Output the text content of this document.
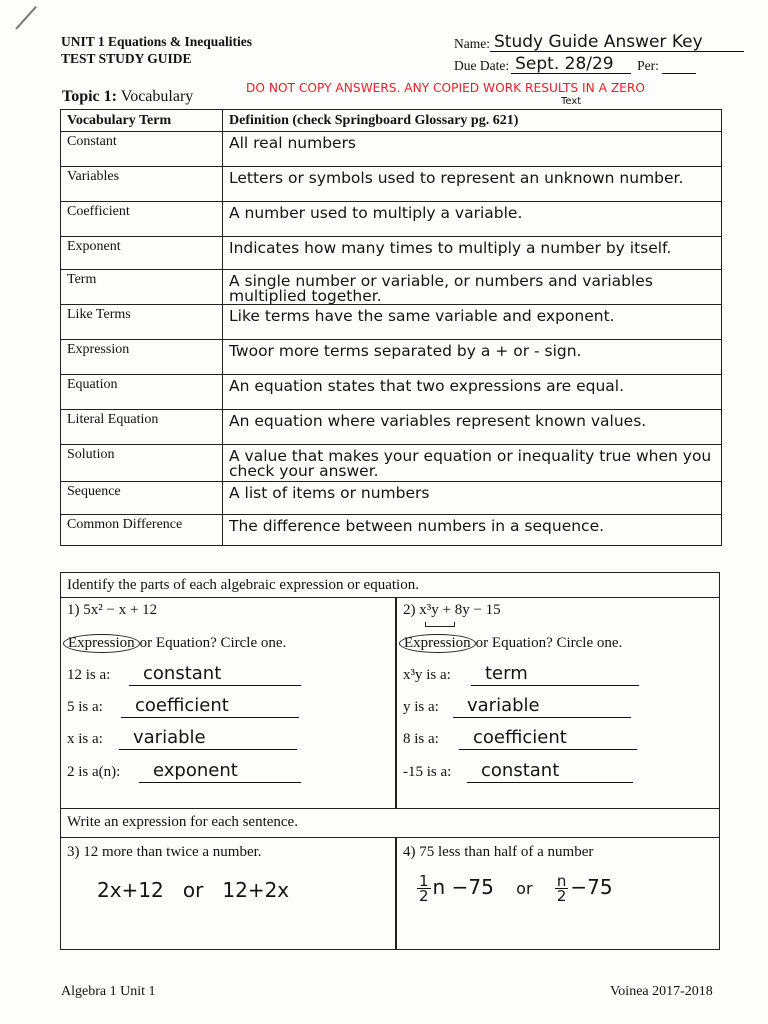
UNIT 1 Equations & Inequalities
TEST STUDY GUIDE
Name: Study Guide Answer Key
Due Date: Sept. 28/29	Per:
DO NOT COPY ANSWERS. ANY COPIED WORK RESULTS IN A ZERO
Text
Topic 1: Vocabulary
Vocabulary Term	Definition (check Springboard Glossary pg. 621)
Constant	All real numbers
Variables	Letters or symbols used to represent an unknown number.
Coefficient	A number used to multiply a variable.
Exponent	Indicates how many times to multiply a number by itself.
Term	A single number or variable, or numbers and variables multiplied together.
Like Terms	Like terms have the same variable and exponent.
Expression	Twoor more terms separated by a + or - sign.
Equation	An equation states that two expressions are equal.
Literal Equation	An equation where variables represent known values.
Solution	A value that makes your equation or inequality true when you check your answer.
Sequence	A list of items or numbers
Common Difference	The difference between numbers in a sequence.
Identify the parts of each algebraic expression or equation.
1) 5x² − x + 12
Expression or Equation? Circle one.
12 is a: constant
5 is a: coefficient
x is a: variable
2 is a(n): exponent
2) x³y + 8y − 15
Expression or Equation? Circle one.
x³y is a: term
y is a: variable
8 is a: coefficient
-15 is a: constant
Write an expression for each sentence.
3) 12 more than twice a number.
2x+12   or   12+2x
4) 75 less than half of a number
$\frac{1}{2}$ n −75 or $\frac{n}{2} -75$
Algebra 1 Unit 1	Voinea 2017-2018
